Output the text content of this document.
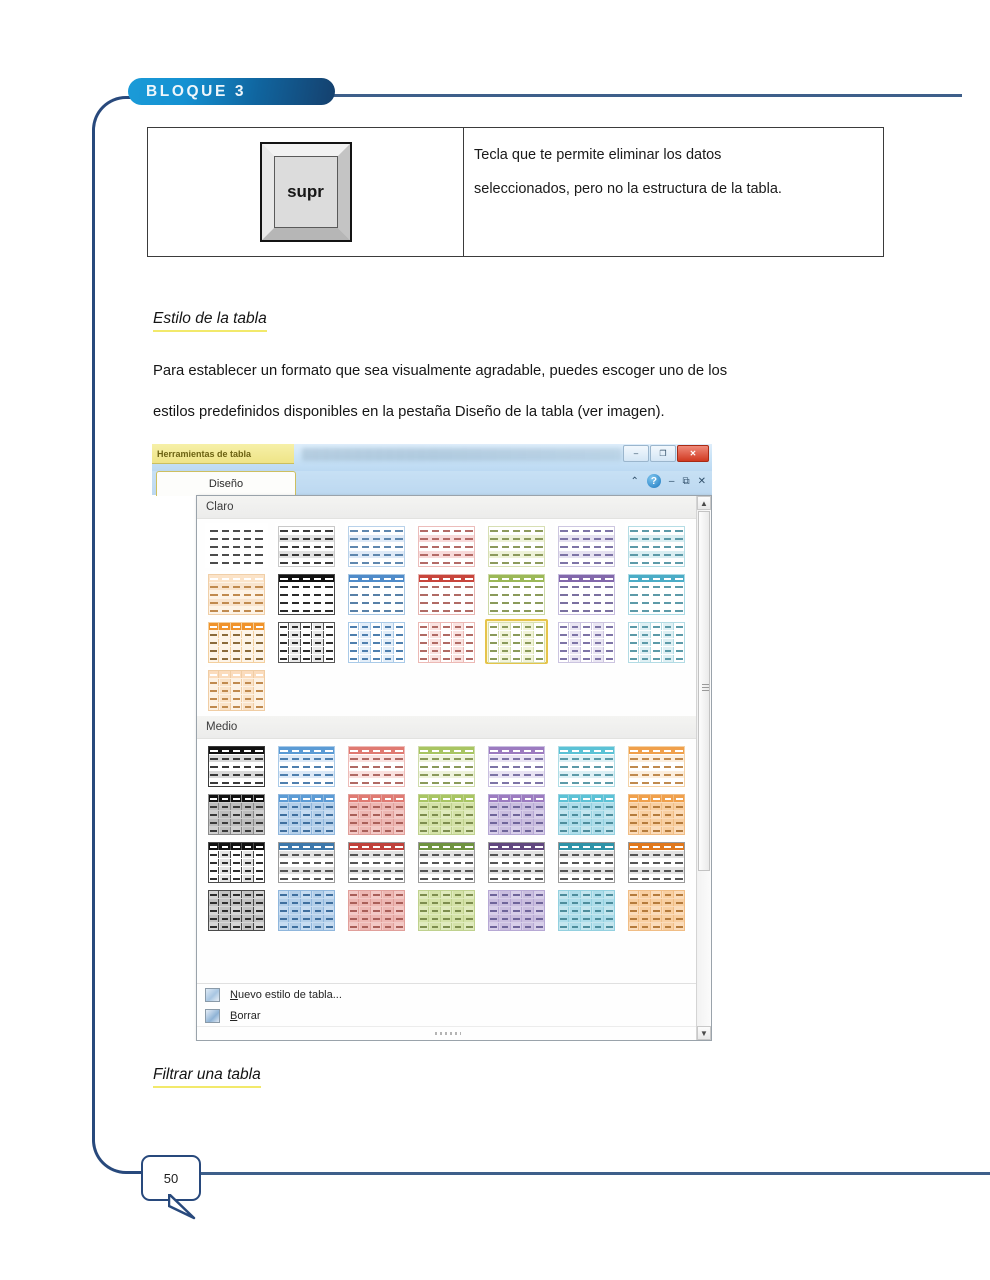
BLOQUE 3
supr

Tecla que te permite eliminar los datos

seleccionados, pero no la estructura de la tabla.

Estilo de la tabla

Para establecer un formato que sea visualmente agradable, puedes escoger uno de los

estilos predefinidos disponibles en la pestaña Diseño de la tabla (ver imagen).

Herramientas de tabla	–	❐	✕
Diseño	⌃	?	– ⧉ ✕
Claro
Medio
Nuevo estilo de tabla...
Borrar
▲
▼
Filtrar una tabla
50
